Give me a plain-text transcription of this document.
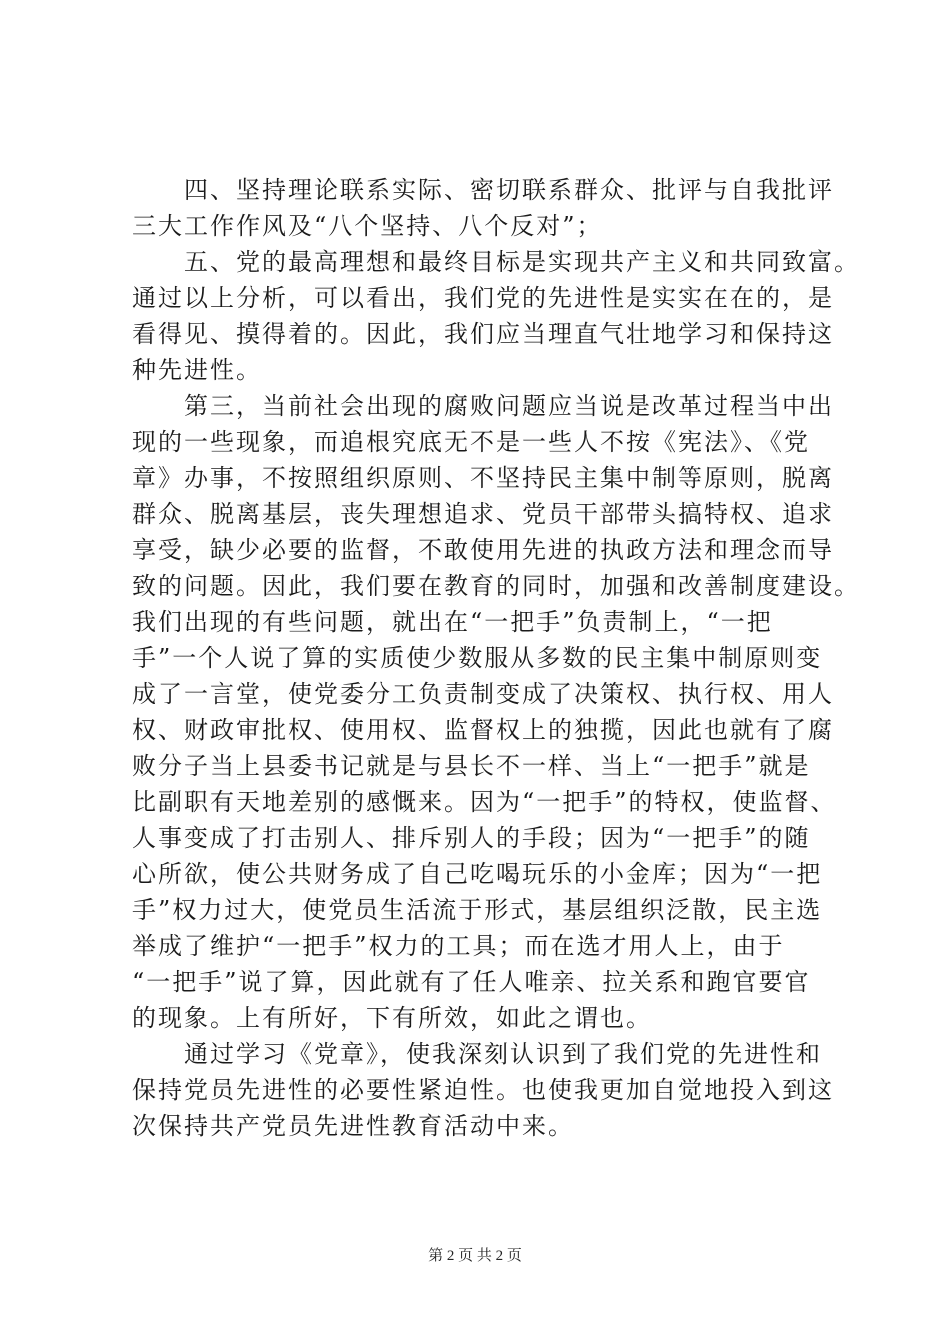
　　四、坚持理论联系实际、密切联系群众、批评与自我批评
三大工作作风及“八个坚持、八个反对”；
　　五、党的最高理想和最终目标是实现共产主义和共同致富。
通过以上分析，可以看出，我们党的先进性是实实在在的，是
看得见、摸得着的。因此，我们应当理直气壮地学习和保持这
种先进性。
　　第三，当前社会出现的腐败问题应当说是改革过程当中出
现的一些现象，而追根究底无不是一些人不按《宪法》、《党
章》办事，不按照组织原则、不坚持民主集中制等原则，脱离
群众、脱离基层，丧失理想追求、党员干部带头搞特权、追求
享受，缺少必要的监督，不敢使用先进的执政方法和理念而导
致的问题。因此，我们要在教育的同时，加强和改善制度建设。
我们出现的有些问题，就出在“一把手”负责制上，“一把
手”一个人说了算的实质使少数服从多数的民主集中制原则变
成了一言堂，使党委分工负责制变成了决策权、执行权、用人
权、财政审批权、使用权、监督权上的独揽，因此也就有了腐
败分子当上县委书记就是与县长不一样、当上“一把手”就是
比副职有天地差别的感慨来。因为“一把手”的特权，使监督、
人事变成了打击别人、排斥别人的手段；因为“一把手”的随
心所欲，使公共财务成了自己吃喝玩乐的小金库；因为“一把
手”权力过大，使党员生活流于形式，基层组织泛散，民主选
举成了维护“一把手”权力的工具；而在选才用人上，由于
“一把手”说了算，因此就有了任人唯亲、拉关系和跑官要官
的现象。上有所好，下有所效，如此之谓也。
　　通过学习《党章》，使我深刻认识到了我们党的先进性和
保持党员先进性的必要性紧迫性。也使我更加自觉地投入到这
次保持共产党员先进性教育活动中来。
第 2 页 共 2 页
